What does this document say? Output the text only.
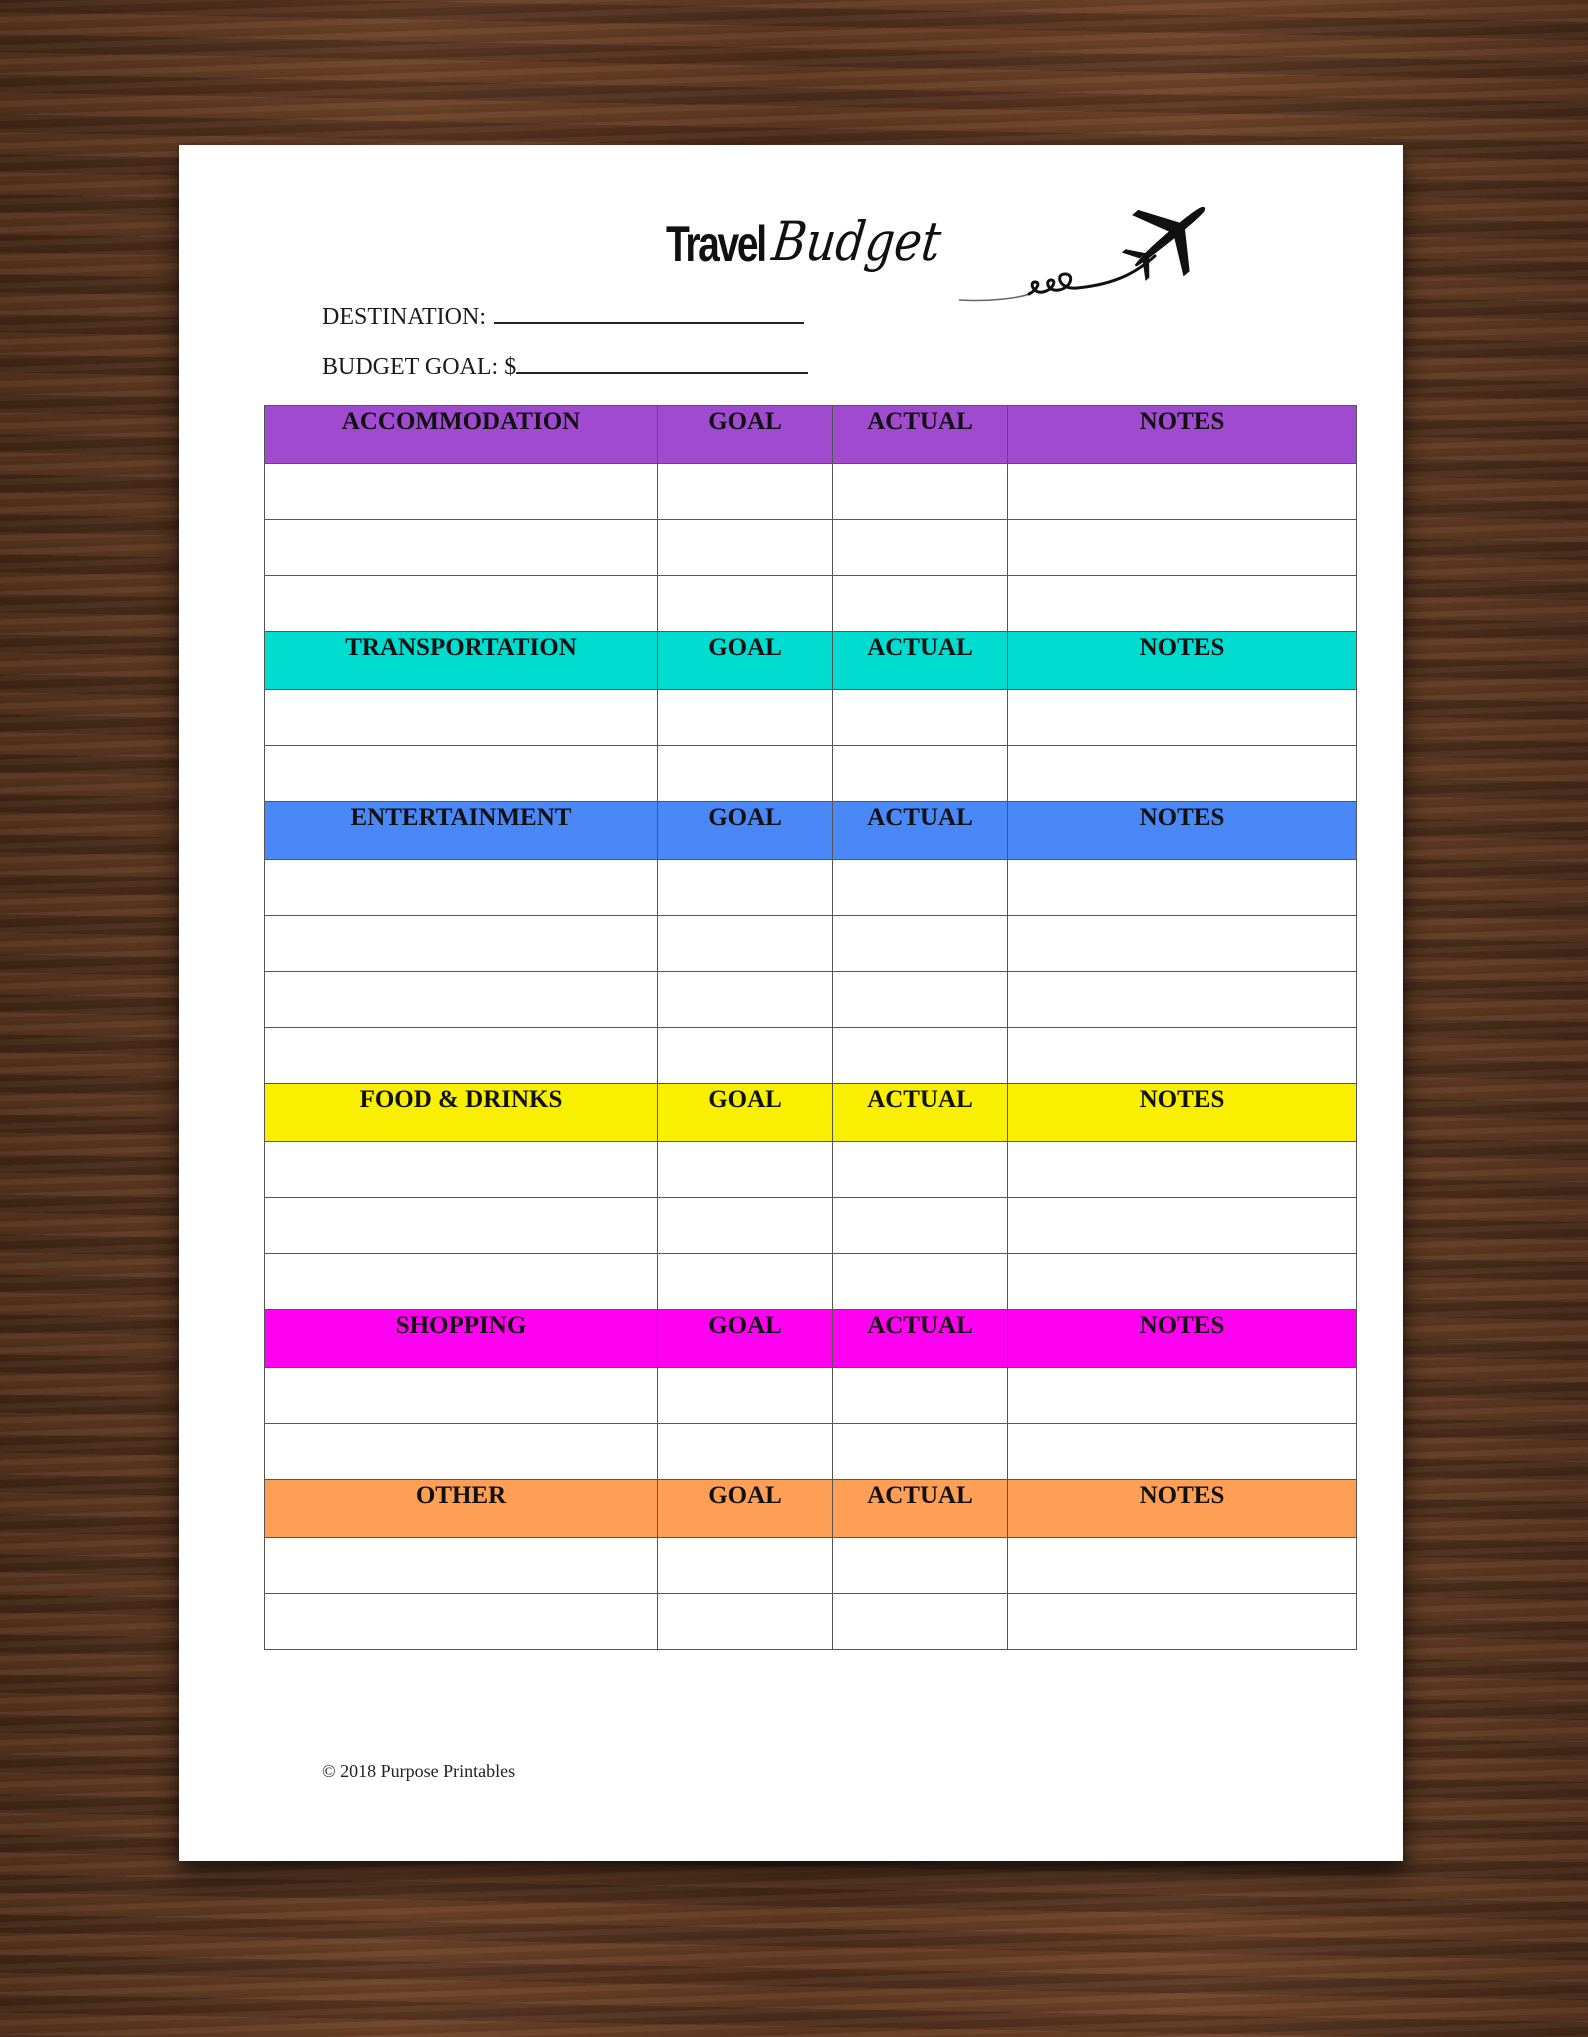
Travel Budget
DESTINATION:
BUDGET GOAL: $
ACCOMMODATION	GOAL	ACTUAL	NOTES

TRANSPORTATION	GOAL	ACTUAL	NOTES

ENTERTAINMENT	GOAL	ACTUAL	NOTES

FOOD & DRINKS	GOAL	ACTUAL	NOTES

SHOPPING	GOAL	ACTUAL	NOTES

OTHER	GOAL	ACTUAL	NOTES

© 2018 Purpose Printables
